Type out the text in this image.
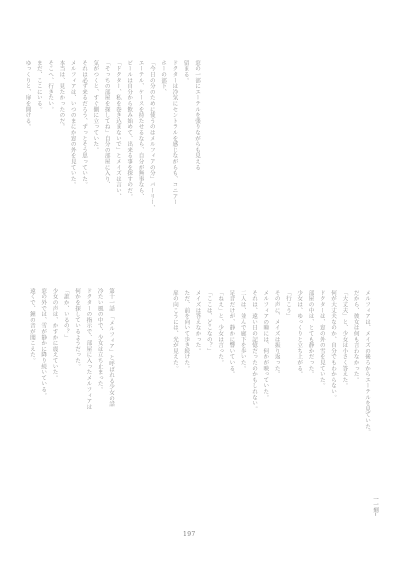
窓の一部にエーテルを張りながらも見える
留まる。
ドクターは冷気にセントラルを感じながらも、コニアー
ホーの部下、
「今日の分のために使うのはメルフィアの分」バーリー、
エーテル、ケースを持たせるなら、自分が無事なら、
ビールは自分から飲み始めて、出来る事を探すのだ。
「ドクター、私を巻き込まないで」とメイズは言い、
「そっちの部屋を探してね」自分の部屋に入り、
気がつくと、すぐ側に立っていた。
それは必ず来るだろう、ずっとそう思っていた。
メルフィアは、いつのまにか窓の外を見ていた。
本当は、見たかったのだ。
そこへ、行きたい。
まだ、ここにいる。
ゆっくりと、扉を開ける。
第十一話　「メルフィア」と呼ばれる少女の話
冷たい風の中で、少女は立ち止まった。
ドクターの指示で、部屋に入ったメルフィアは
何かを探しているようだった。
「誰か、いるの？」
少女の声は、かすかに震えていた。
窓の外では、雪が静かに降り続いている。
遠くで、鐘の音が聞こえた。	メルフィアは、メイズの後ろからエーテルを見ていた。
だから、彼女は何も言わなかった。
「大丈夫」と、少女は小さく答えた。
何が大丈夫なのか、自分でもわからない。
ドクターは、窓の外の雪を見ていた。
部屋の中は、とても静かだった。
少女は、ゆっくりと立ち上がる。
「行こう」
その声に、メイズは振り返った。
メルフィアの瞳には、何かが映っていた。
それは、遠い日の記憶だったのかもしれない。
二人は、並んで廊下を歩いた。
足音だけが、静かに響いている。
「ねえ」と、少女は言った。
「ここは、どこなの？」
メイズは答えなかった。
ただ、前を向いて歩き続けた。
扉の向こうには、光が見えた。
一一刻─
197
